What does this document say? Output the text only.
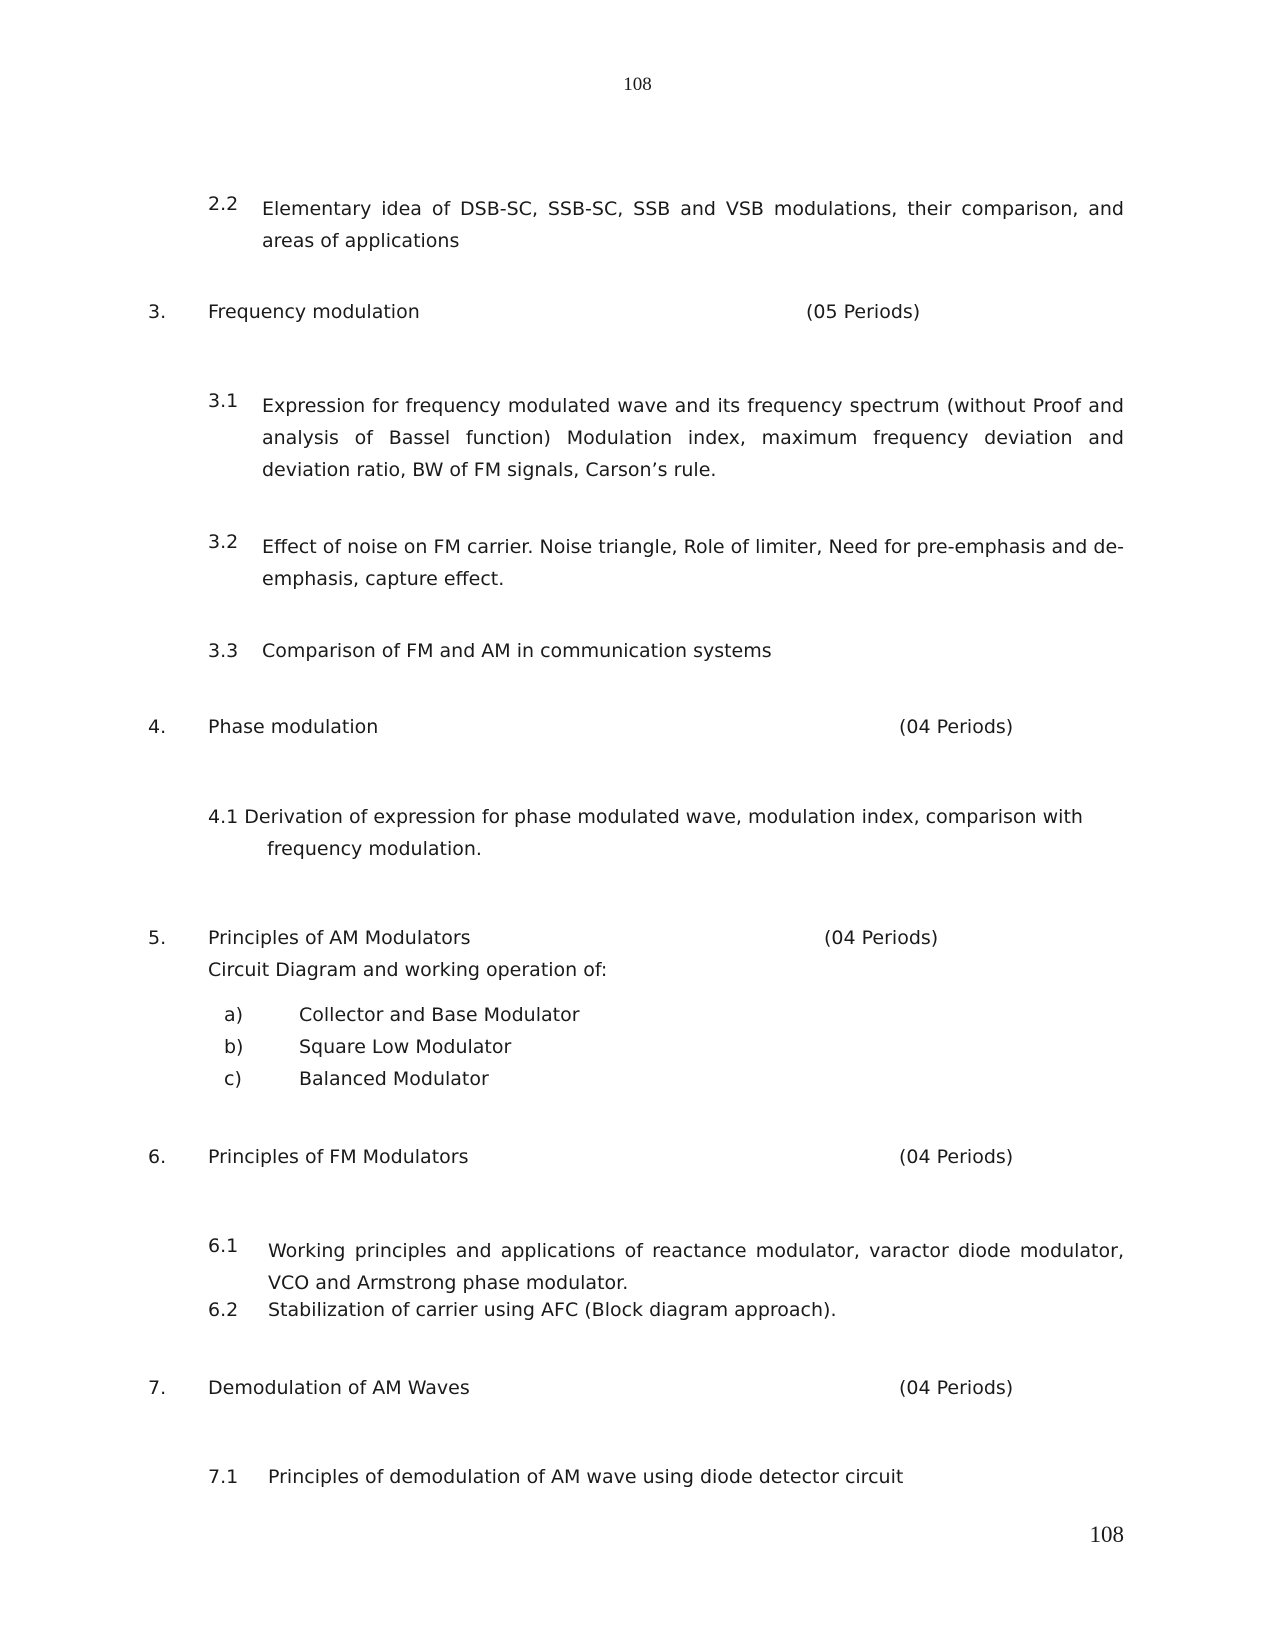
108
2.2 Elementary idea of DSB-SC, SSB-SC, SSB and VSB modulations, their comparison, and areas of applications
3. Frequency modulation	(05 Periods)
3.1 Expression for frequency modulated wave and its frequency spectrum (without Proof and analysis of Bassel function) Modulation index, maximum frequency deviation and deviation ratio, BW of FM signals, Carson’s rule.
3.2 Effect of noise on FM carrier. Noise triangle, Role of limiter, Need for pre-emphasis and de-emphasis, capture effect.
3.3 Comparison of FM and AM in communication systems
4. Phase modulation	(04 Periods)
4.1 Derivation of expression for phase modulated wave, modulation index, comparison with
frequency modulation.
5. Principles of AM Modulators	(04 Periods)
Circuit Diagram and working operation of:
a)	Collector and Base Modulator
b)	Square Low Modulator
c)	Balanced Modulator
6. Principles of FM Modulators	(04 Periods)
6.1 Working principles and applications of reactance modulator, varactor diode modulator, VCO and Armstrong phase modulator.
6.2 Stabilization of carrier using AFC (Block diagram approach).
7. Demodulation of AM Waves	(04 Periods)
7.1 Principles of demodulation of AM wave using diode detector circuit
108
